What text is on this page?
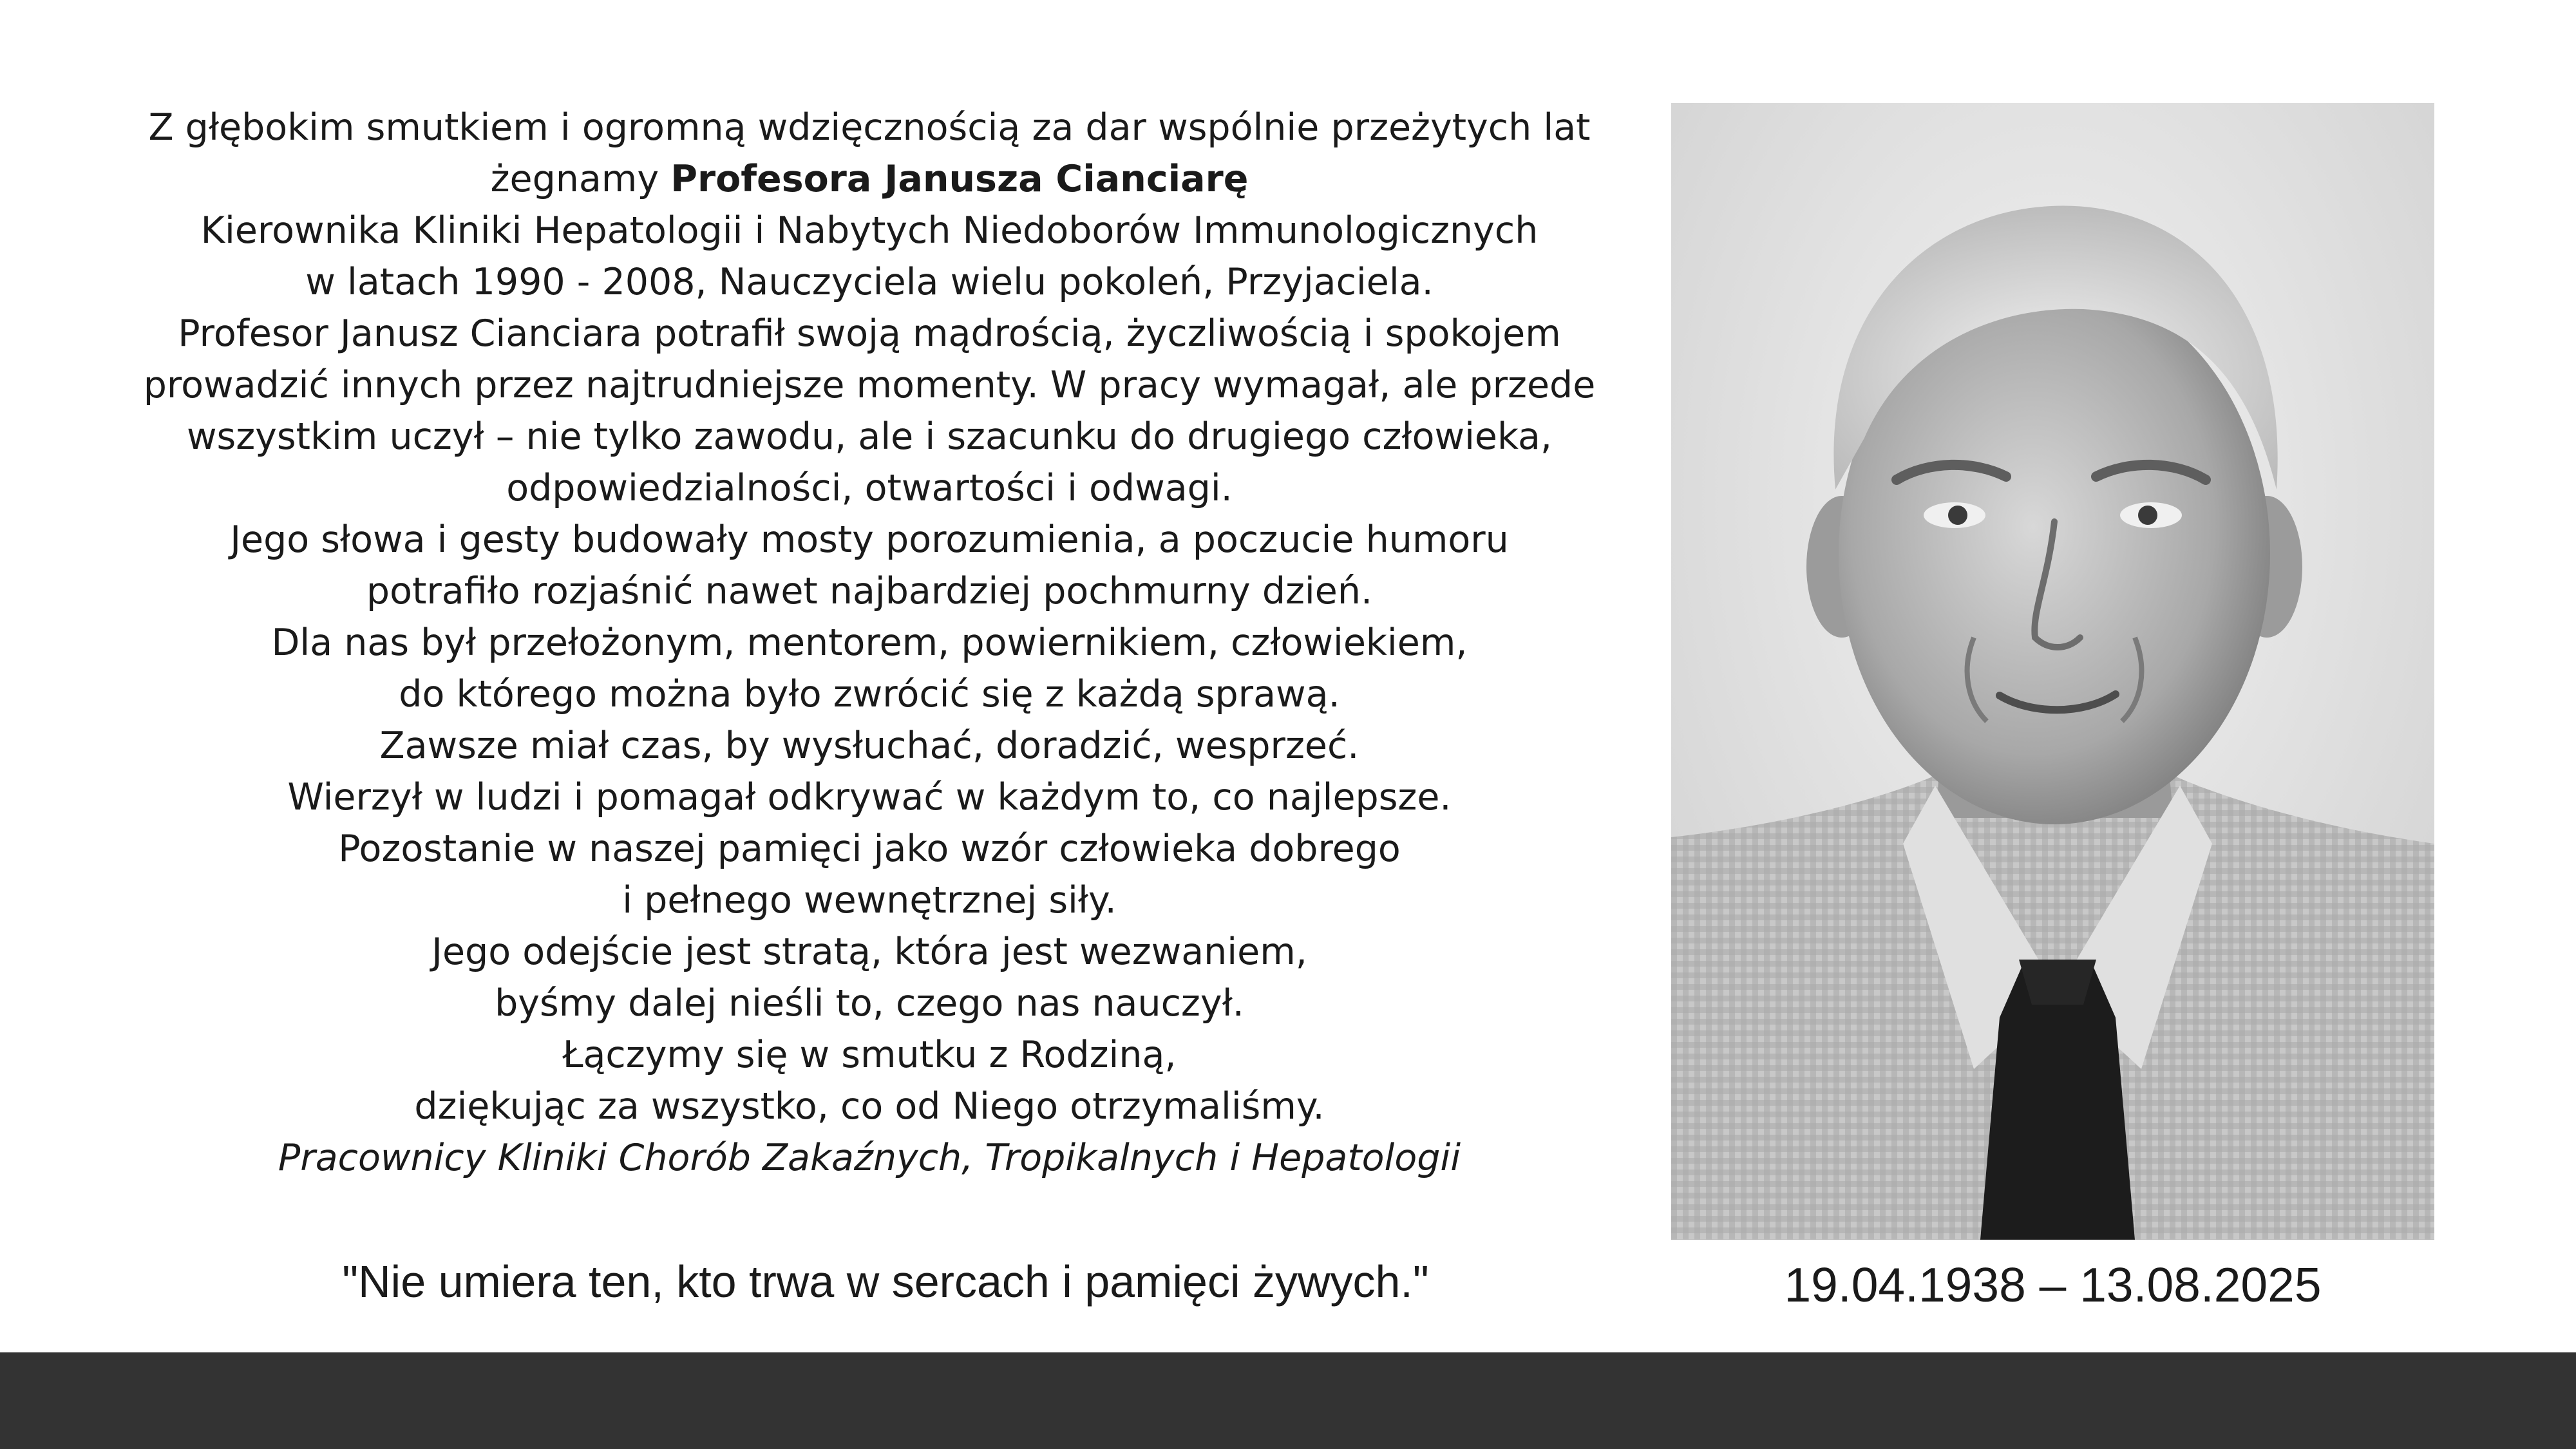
Z głębokim smutkiem i ogromną wdzięcznością za dar wspólnie przeżytych lat
żegnamy Profesora Janusza Cianciarę
Kierownika Kliniki Hepatologii i Nabytych Niedoborów Immunologicznych
w latach 1990 - 2008, Nauczyciela wielu pokoleń, Przyjaciela.
Profesor Janusz Cianciara potrafił swoją mądrością, życzliwością i spokojem
prowadzić innych przez najtrudniejsze momenty. W pracy wymagał, ale przede
wszystkim uczył – nie tylko zawodu, ale i szacunku do drugiego człowieka,
odpowiedzialności, otwartości i odwagi.
Jego słowa i gesty budowały mosty porozumienia, a poczucie humoru
potrafiło rozjaśnić nawet najbardziej pochmurny dzień.
Dla nas był przełożonym, mentorem, powiernikiem, człowiekiem,
do którego można było zwrócić się z każdą sprawą.
Zawsze miał czas, by wysłuchać, doradzić, wesprzeć.
Wierzył w ludzi i pomagał odkrywać w każdym to, co najlepsze.
Pozostanie w naszej pamięci jako wzór człowieka dobrego
i pełnego wewnętrznej siły.
Jego odejście jest stratą, która jest wezwaniem,
byśmy dalej nieśli to, czego nas nauczył.
Łączymy się w smutku z Rodziną,
dziękując za wszystko, co od Niego otrzymaliśmy.
Pracownicy Kliniki Chorób Zakaźnych, Tropikalnych i Hepatologii
"Nie umiera ten, kto trwa w sercach i pamięci żywych."	19.04.1938 – 13.08.2025
